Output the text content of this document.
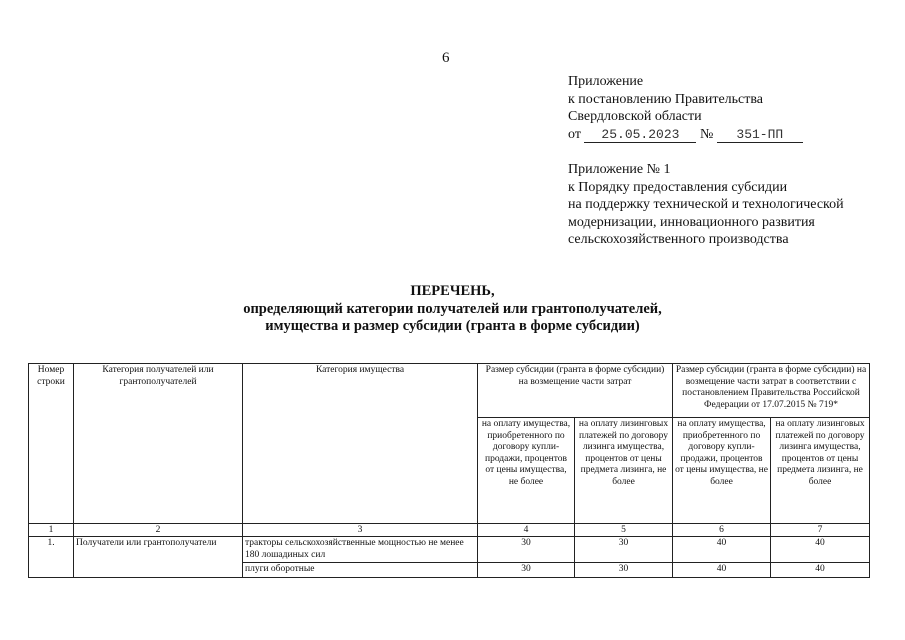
6
Приложение
к постановлению Правительства
Свердловской области
от 25.05.2023 № 351-ПП
Приложение № 1
к Порядку предоставления субсидии
на поддержку технической и технологической
модернизации, инновационного развития
сельскохозяйственного производства
ПЕРЕЧЕНЬ,
определяющий категории получателей или грантополучателей,
имущества и размер субсидии (гранта в форме субсидии)
Номер строки	Категория получателей или грантополучателей	Категория имущества	Размер субсидии (гранта в форме субсидии) на возмещение части затрат		Размер субсидии (гранта в форме субсидии) на возмещение части затрат в соответствии с постановлением Правительства Российской Федерации от 17.07.2015 № 719*	
			на оплату имущества, приобретенного по договору купли-продажи, процентов от цены имущества, не более	на оплату лизинговых платежей по договору лизинга имущества, процентов от цены предмета лизинга, не более	на оплату имущества, приобретенного по договору купли-продажи, процентов от цены имущества, не более	на оплату лизинговых платежей по договору лизинга имущества, процентов от цены предмета лизинга, не более
1	2	3	4	5	6	7
1.	Получатели или грантополучатели	тракторы сельскохозяйственные мощностью не менее 180 лошадиных сил	30	30	40	40
		плуги оборотные	30	30	40	40
